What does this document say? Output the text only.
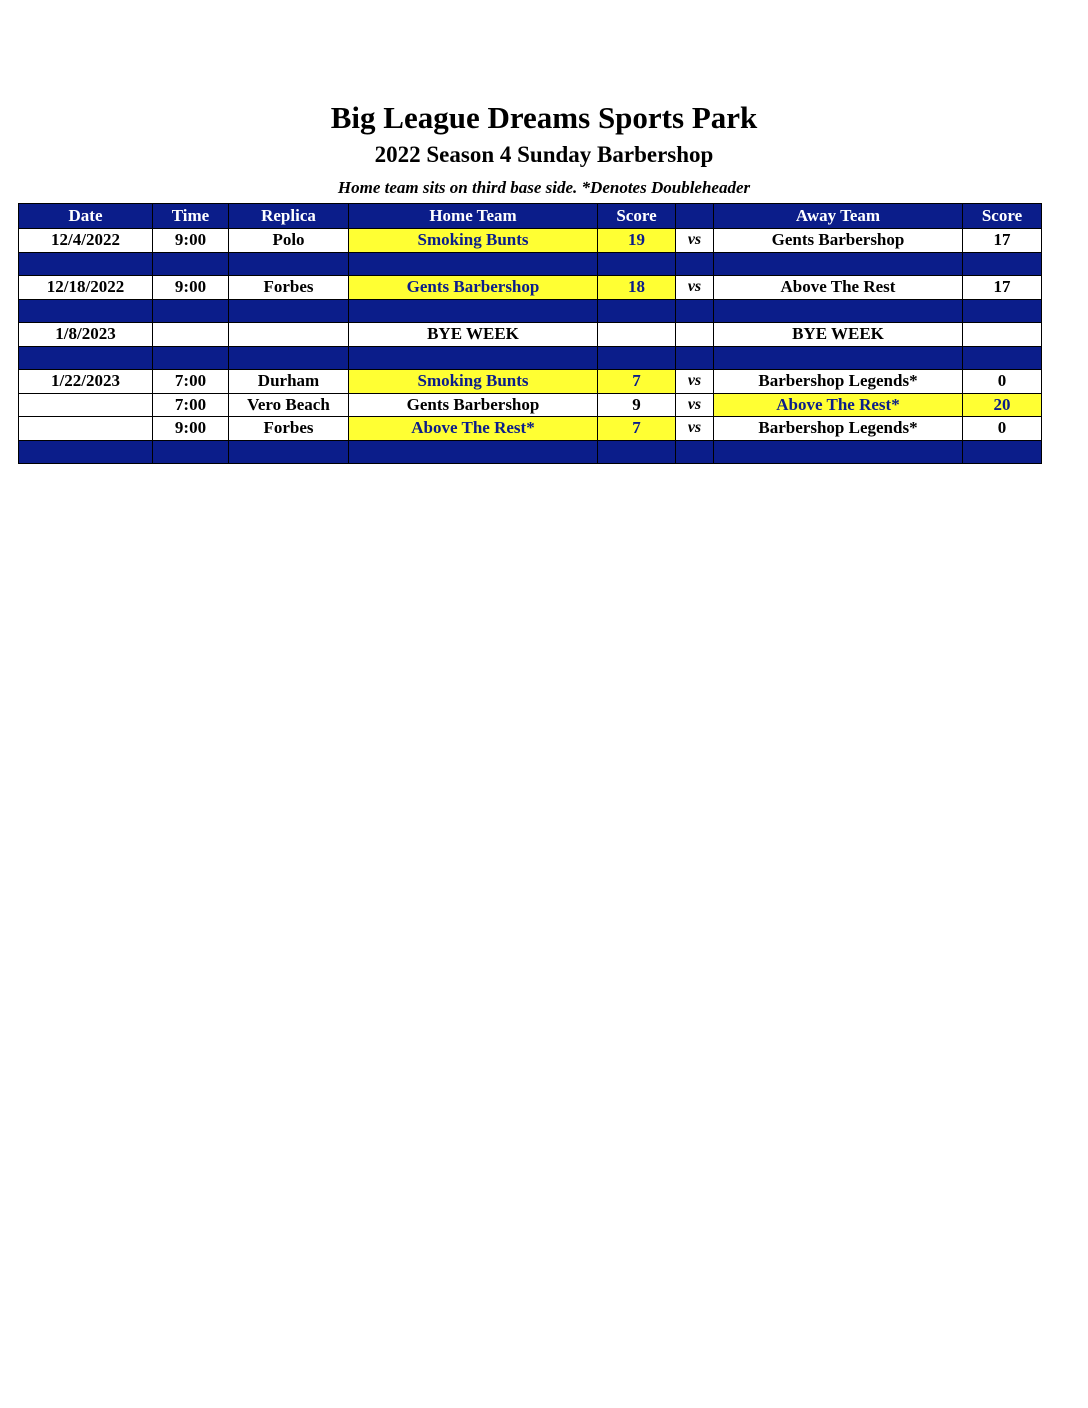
Big League Dreams Sports Park
2022 Season 4 Sunday Barbershop
Home team sits on third base side. *Denotes Doubleheader
Date	Time	Replica	Home Team	Score		Away Team	Score
12/4/2022	9:00	Polo	Smoking Bunts	19	vs	Gents Barbershop	17

12/18/2022	9:00	Forbes	Gents Barbershop	18	vs	Above The Rest	17

1/8/2023			BYE WEEK			BYE WEEK	

1/22/2023	7:00	Durham	Smoking Bunts	7	vs	Barbershop Legends*	0
	7:00	Vero Beach	Gents Barbershop	9	vs	Above The Rest*	20
	9:00	Forbes	Above The Rest*	7	vs	Barbershop Legends*	0
